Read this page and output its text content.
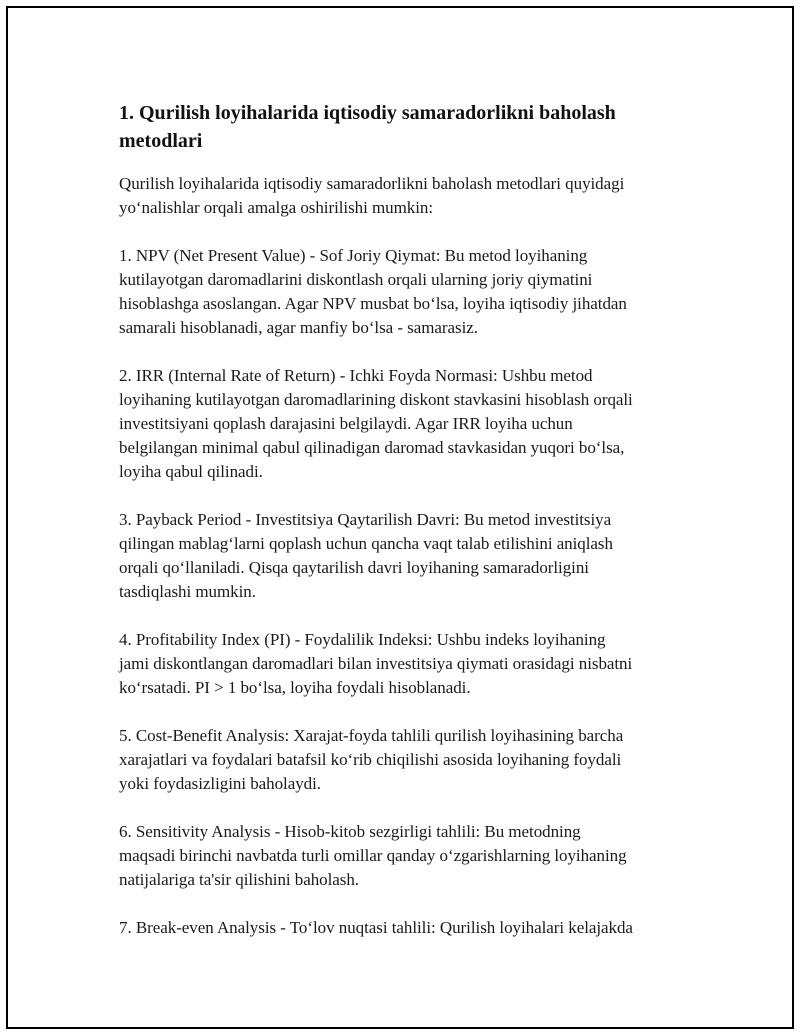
1. Qurilish loyihalarida iqtisodiy samaradorlikni baholash
metodlari

Qurilish loyihalarida iqtisodiy samaradorlikni baholash metodlari quyidagi
yo‘nalishlar orqali amalga oshirilishi mumkin:

1. NPV (Net Present Value) - Sof Joriy Qiymat: Bu metod loyihaning
kutilayotgan daromadlarini diskontlash orqali ularning joriy qiymatini
hisoblashga asoslangan. Agar NPV musbat bo‘lsa, loyiha iqtisodiy jihatdan
samarali hisoblanadi, agar manfiy bo‘lsa - samarasiz.

2. IRR (Internal Rate of Return) - Ichki Foyda Normasi: Ushbu metod
loyihaning kutilayotgan daromadlarining diskont stavkasini hisoblash orqali
investitsiyani qoplash darajasini belgilaydi. Agar IRR loyiha uchun
belgilangan minimal qabul qilinadigan daromad stavkasidan yuqori bo‘lsa,
loyiha qabul qilinadi.

3. Payback Period - Investitsiya Qaytarilish Davri: Bu metod investitsiya
qilingan mablag‘larni qoplash uchun qancha vaqt talab etilishini aniqlash
orqali qo‘llaniladi. Qisqa qaytarilish davri loyihaning samaradorligini
tasdiqlashi mumkin.

4. Profitability Index (PI) - Foydalilik Indeksi: Ushbu indeks loyihaning
jami diskontlangan daromadlari bilan investitsiya qiymati orasidagi nisbatni
ko‘rsatadi. PI > 1 bo‘lsa, loyiha foydali hisoblanadi.

5. Cost-Benefit Analysis: Xarajat-foyda tahlili qurilish loyihasining barcha
xarajatlari va foydalari batafsil ko‘rib chiqilishi asosida loyihaning foydali
yoki foydasizligini baholaydi.

6. Sensitivity Analysis - Hisob-kitob sezgirligi tahlili: Bu metodning
maqsadi birinchi navbatda turli omillar qanday o‘zgarishlarning loyihaning
natijalariga ta'sir qilishini baholash.

7. Break-even Analysis - To‘lov nuqtasi tahlili: Qurilish loyihalari kelajakda
